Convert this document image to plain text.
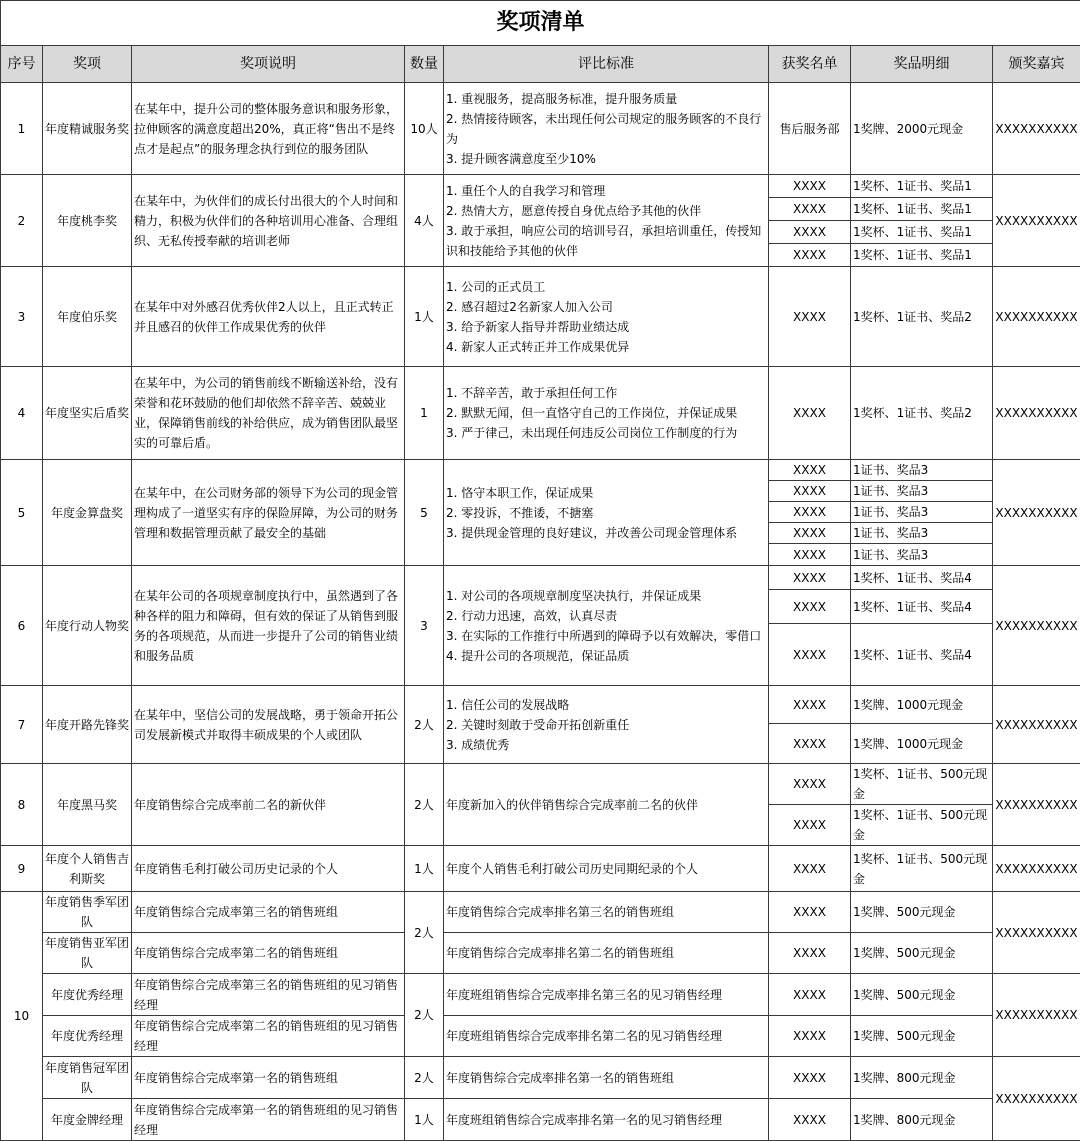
奖项清单							
序号	奖项	奖项说明	数量	评比标准	获奖名单	奖品明细	颁奖嘉宾
1	年度精诚服务奖	在某年中，提升公司的整体服务意识和服务形象，拉伸顾客的满意度超出20%，真正将“售出不是终点才是起点”的服务理念执行到位的服务团队	10人	1. 重视服务，提高服务标准，提升服务质量
2. 热情接待顾客，未出现任何公司规定的服务顾客的不良行为
3. 提升顾客满意度至少10%	售后服务部	1奖牌、2000元现金	XXXXXXXXXX
2	年度桃李奖	在某年中，为伙伴们的成长付出很大的个人时间和精力，积极为伙伴们的各种培训用心准备、合理组织、无私传授奉献的培训老师	4人	1. 重任个人的自我学习和管理
2. 热情大方，愿意传授自身优点给予其他的伙伴
3. 敢于承担，响应公司的培训号召，承担培训重任，传授知识和技能给予其他的伙伴	XXXX	1奖杯、1证书、奖品1	XXXXXXXXXX
					XXXX	1奖杯、1证书、奖品1	
					XXXX	1奖杯、1证书、奖品1	
					XXXX	1奖杯、1证书、奖品1	
3	年度伯乐奖	在某年中对外感召优秀伙伴2人以上，且正式转正并且感召的伙伴工作成果优秀的伙伴	1人	1. 公司的正式员工
2. 感召超过2名新家人加入公司
3. 给予新家人指导并帮助业绩达成
4. 新家人正式转正并工作成果优异	XXXX	1奖杯、1证书、奖品2	XXXXXXXXXX
4	年度坚实后盾奖	在某年中，为公司的销售前线不断输送补给，没有荣誉和花环鼓励的他们却依然不辞辛苦、兢兢业业，保障销售前线的补给供应，成为销售团队最坚实的可靠后盾。	1	1. 不辞辛苦，敢于承担任何工作
2. 默默无闻，但一直恪守自己的工作岗位，并保证成果
3. 严于律己，未出现任何违反公司岗位工作制度的行为	XXXX	1奖杯、1证书、奖品2	XXXXXXXXXX
5	年度金算盘奖	在某年中，在公司财务部的领导下为公司的现金管理构成了一道坚实有序的保险屏障，为公司的财务管理和数据管理贡献了最安全的基础	5	1. 恪守本职工作，保证成果
2. 零投诉，不推诿，不搪塞
3. 提供现金管理的良好建议，并改善公司现金管理体系	XXXX	1证书、奖品3	XXXXXXXXXX
					XXXX	1证书、奖品3	
					XXXX	1证书、奖品3	
					XXXX	1证书、奖品3	
					XXXX	1证书、奖品3	
6	年度行动人物奖	在某年公司的各项规章制度执行中，虽然遇到了各种各样的阻力和障碍，但有效的保证了从销售到服务的各项规范，从而进一步提升了公司的销售业绩和服务品质	3	1. 对公司的各项规章制度坚决执行，并保证成果
2. 行动力迅速，高效，认真尽责
3. 在实际的工作推行中所遇到的障碍予以有效解决，零借口
4. 提升公司的各项规范，保证品质	XXXX	1奖杯、1证书、奖品4	XXXXXXXXXX
					XXXX	1奖杯、1证书、奖品4	
					XXXX	1奖杯、1证书、奖品4	
7	年度开路先锋奖	在某年中，坚信公司的发展战略，勇于领命开拓公司发展新模式并取得丰硕成果的个人或团队	2人	1. 信任公司的发展战略
2. 关键时刻敢于受命开拓创新重任
3. 成绩优秀	XXXX	1奖牌、1000元现金	XXXXXXXXXX
					XXXX	1奖牌、1000元现金	
8	年度黑马奖	年度销售综合完成率前二名的新伙伴	2人	年度新加入的伙伴销售综合完成率前二名的伙伴	XXXX	1奖杯、1证书、500元现金	XXXXXXXXXX
					XXXX	1奖杯、1证书、500元现金	
9	年度个人销售吉利斯奖	年度销售毛利打破公司历史记录的个人	1人	年度个人销售毛利打破公司历史同期纪录的个人	XXXX	1奖杯、1证书、500元现金	XXXXXXXXXX
10	年度销售季军团队	年度销售综合完成率第三名的销售班组	2人	年度销售综合完成率排名第三名的销售班组	XXXX	1奖牌、500元现金	XXXXXXXXXX
	年度销售亚军团队	年度销售综合完成率第二名的销售班组		年度销售综合完成率排名第二名的销售班组	XXXX	1奖牌、500元现金	
	年度优秀经理	年度销售综合完成率第三名的销售班组的见习销售经理	2人	年度班组销售综合完成率排名第三名的见习销售经理	XXXX	1奖牌、500元现金	XXXXXXXXXX
	年度优秀经理	年度销售综合完成率第二名的销售班组的见习销售经理		年度班组销售综合完成率排名第二名的见习销售经理	XXXX	1奖牌、500元现金	
	年度销售冠军团队	年度销售综合完成率第一名的销售班组	2人	年度销售综合完成率排名第一名的销售班组	XXXX	1奖牌、800元现金	XXXXXXXXXX
	年度金牌经理	年度销售综合完成率第一名的销售班组的见习销售经理	1人	年度班组销售综合完成率排名第一名的见习销售经理	XXXX	1奖牌、800元现金	
